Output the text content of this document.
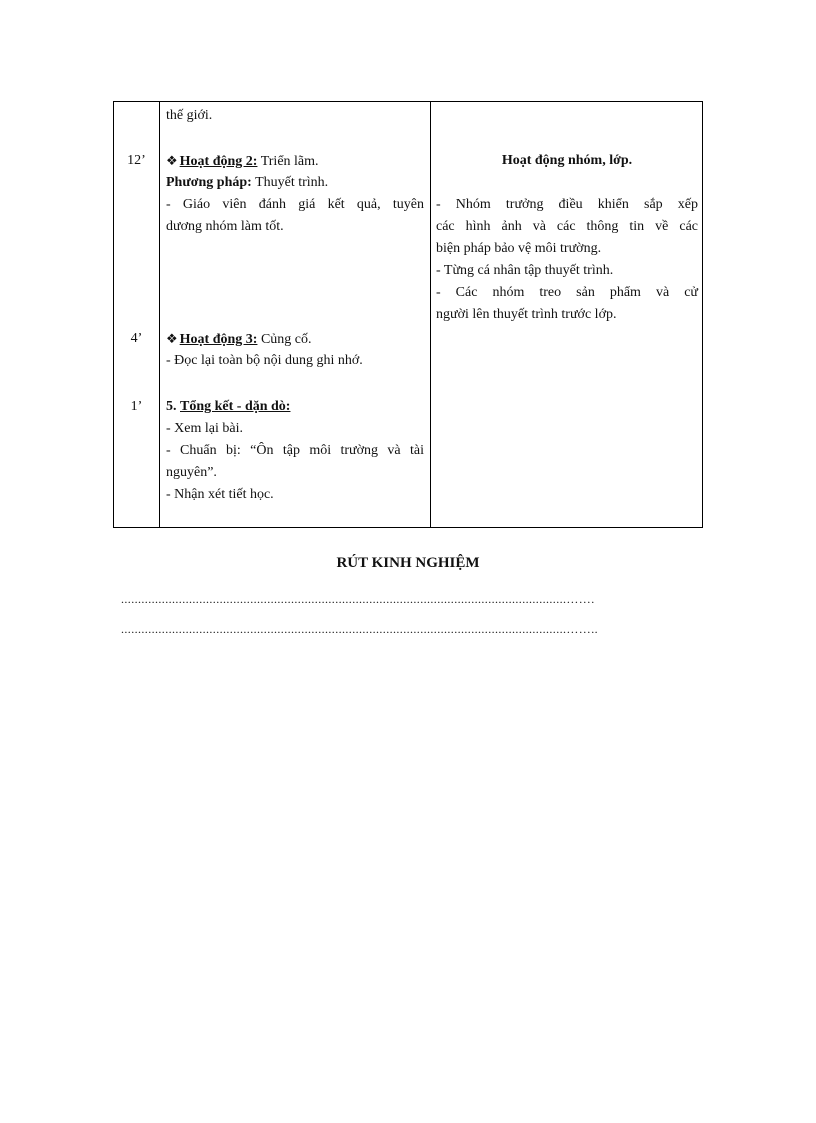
12’
4’
1’
thế giới.
❖ Hoạt động 2: Triển lãm.
Phương pháp: Thuyết trình.
- Giáo viên đánh giá kết quả, tuyên
dương nhóm làm tốt.
❖ Hoạt động 3: Củng cố.
- Đọc lại toàn bộ nội dung ghi nhớ.
5. Tổng kết - dặn dò:
- Xem lại bài.
- Chuẩn bị: “Ôn tập môi trường và tài
nguyên”.
- Nhận xét tiết học.
Hoạt động nhóm, lớp.
- Nhóm trưởng điều khiển sắp xếp
các hình ảnh và các thông tin về các
biện pháp bảo vệ môi trường.
- Từng cá nhân tập thuyết trình.
- Các nhóm treo sản phẩm và cử
người lên thuyết trình trước lớp.
RÚT KINH NGHIỆM
...................................................................................................................................…….
...................................................................................................................................……..
